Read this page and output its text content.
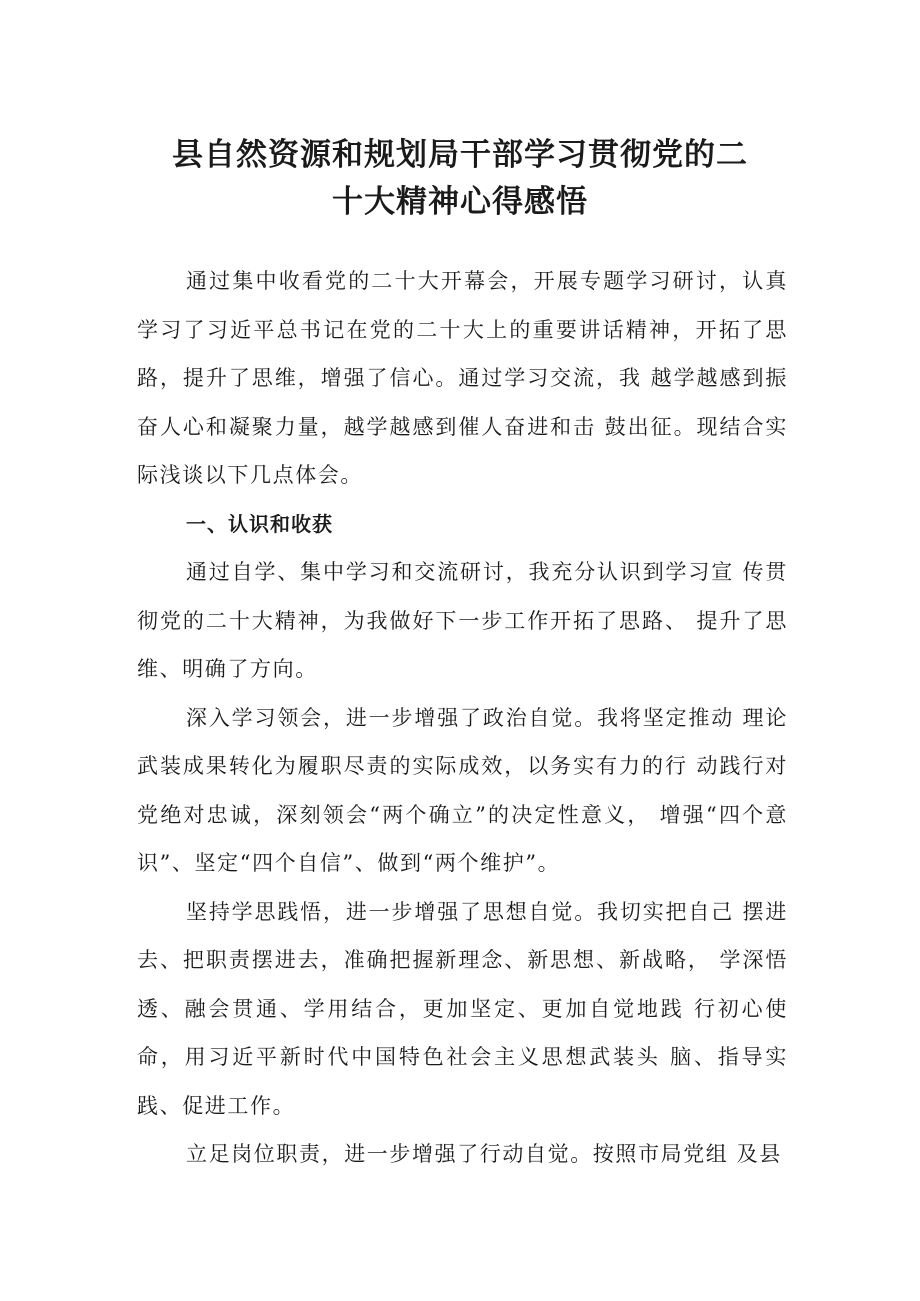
县自然资源和规划局干部学习贯彻党的二
十大精神心得感悟

通过集中收看党的二十大开幕会，开展专题学习研讨，认真学习了习近平总书记在党的二十大上的重要讲话精神，开拓了思路，提升了思维，增强了信心。通过学习交流，我 越学越感到振奋人心和凝聚力量，越学越感到催人奋进和击 鼓出征。现结合实际浅谈以下几点体会。

一、认识和收获

通过自学、集中学习和交流研讨，我充分认识到学习宣 传贯彻党的二十大精神，为我做好下一步工作开拓了思路、 提升了思维、明确了方向。

深入学习领会，进一步增强了政治自觉。我将坚定推动 理论武装成果转化为履职尽责的实际成效，以务实有力的行 动践行对党绝对忠诚，深刻领会“两个确立”的决定性意义， 增强“四个意识”、坚定“四个自信”、做到“两个维护”。

坚持学思践悟，进一步增强了思想自觉。我切实把自己 摆进去、把职责摆进去，准确把握新理念、新思想、新战略， 学深悟透、融会贯通、学用结合，更加坚定、更加自觉地践 行初心使命，用习近平新时代中国特色社会主义思想武装头 脑、指导实践、促进工作。

立足岗位职责，进一步增强了行动自觉。按照市局党组 及县
